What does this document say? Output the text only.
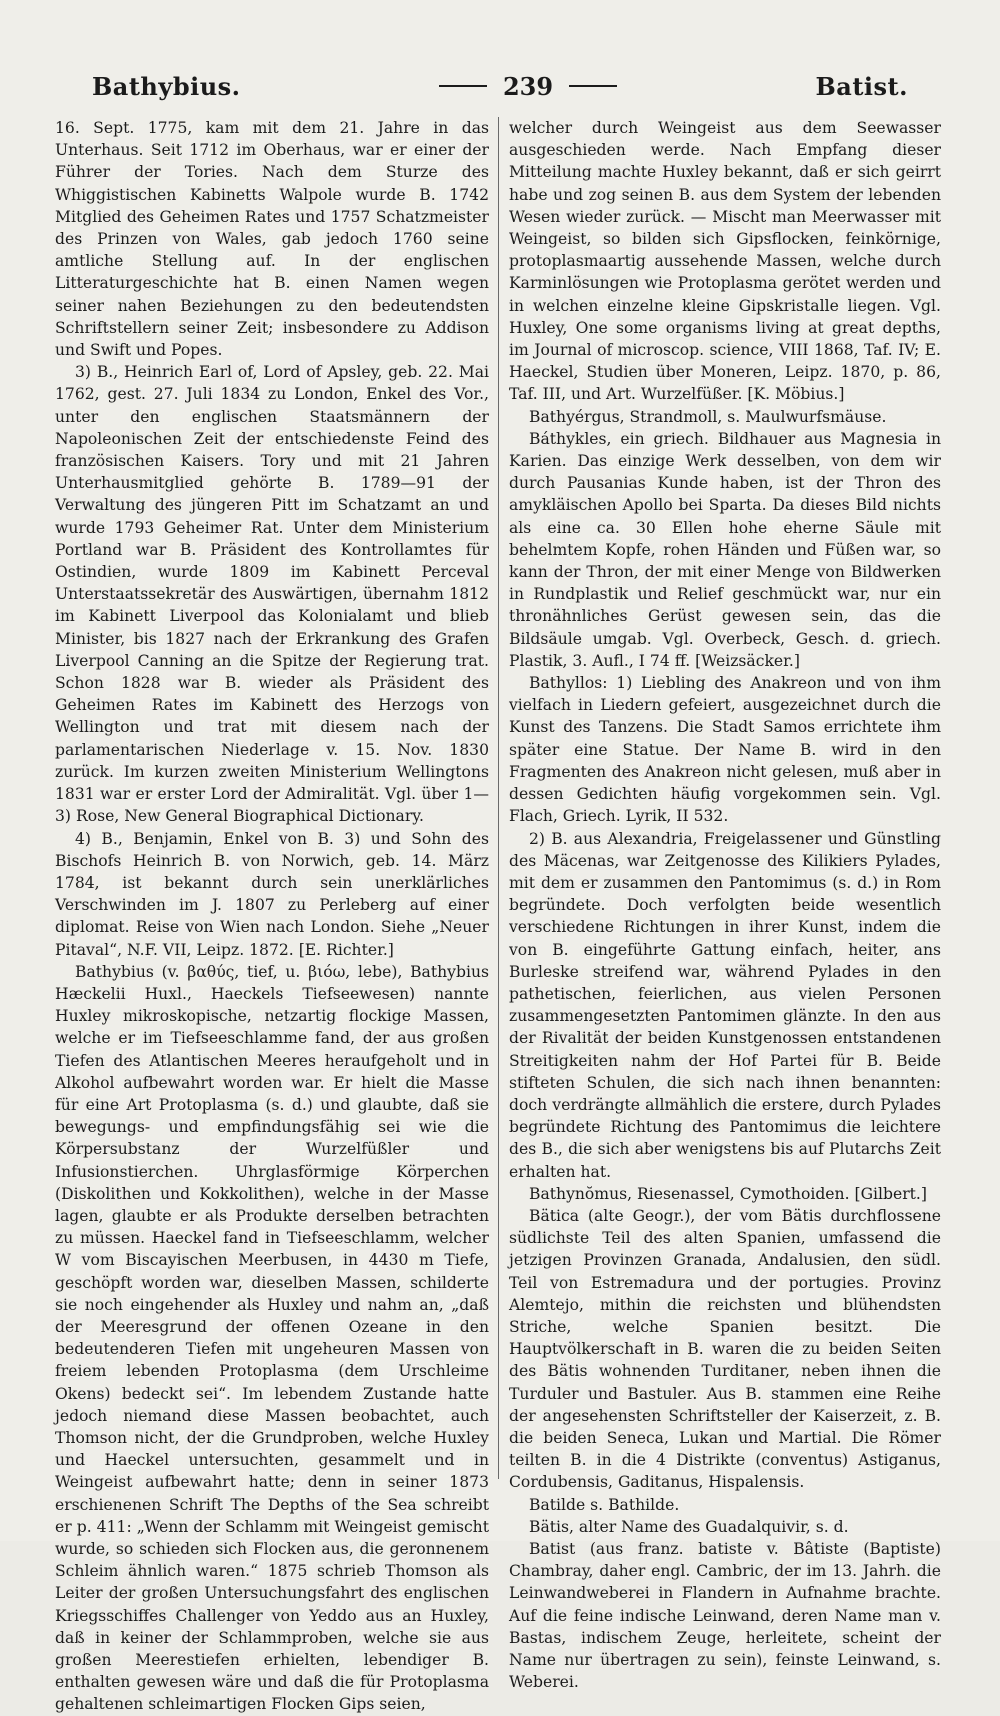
Bathybius.	239	Batist.

16. Sept. 1775, kam mit dem 21. Jahre in das Unterhaus. Seit 1712 im Oberhaus, war er einer der Führer der Tories. Nach dem Sturze des Whiggistischen Kabinetts Walpole wurde B. 1742 Mitglied des Geheimen Rates und 1757 Schatzmeister des Prinzen von Wales, gab jedoch 1760 seine amtliche Stellung auf. In der englischen Litteraturgeschichte hat B. einen Namen wegen seiner nahen Beziehungen zu den bedeutendsten Schriftstellern seiner Zeit; insbesondere zu Addison und Swift und Popes.

3) B., Heinrich Earl of, Lord of Apsley, geb. 22. Mai 1762, gest. 27. Juli 1834 zu London, Enkel des Vor., unter den englischen Staatsmännern der Napoleonischen Zeit der entschiedenste Feind des französischen Kaisers. Tory und mit 21 Jahren Unterhausmitglied gehörte B. 1789—91 der Verwaltung des jüngeren Pitt im Schatzamt an und wurde 1793 Geheimer Rat. Unter dem Ministerium Portland war B. Präsident des Kontrollamtes für Ostindien, wurde 1809 im Kabinett Perceval Unterstaatssekretär des Auswärtigen, übernahm 1812 im Kabinett Liverpool das Kolonialamt und blieb Minister, bis 1827 nach der Erkrankung des Grafen Liverpool Canning an die Spitze der Regierung trat. Schon 1828 war B. wieder als Präsident des Geheimen Rates im Kabinett des Herzogs von Wellington und trat mit diesem nach der parlamentarischen Niederlage v. 15. Nov. 1830 zurück. Im kurzen zweiten Ministerium Wellingtons 1831 war er erster Lord der Admiralität. Vgl. über 1—3) Rose, New General Biographical Dictionary.

4) B., Benjamin, Enkel von B. 3) und Sohn des Bischofs Heinrich B. von Norwich, geb. 14. März 1784, ist bekannt durch sein unerklärliches Verschwinden im J. 1807 zu Perleberg auf einer diplomat. Reise von Wien nach London. Siehe „Neuer Pitaval“, N.F. VII, Leipz. 1872. [E. Richter.]

Bathybius (v. βαθύς, tief, u. βιόω, lebe), Bathybius Hæckelii Huxl., Haeckels Tiefseewesen) nannte Huxley mikroskopische, netzartig flockige Massen, welche er im Tiefseeschlamme fand, der aus großen Tiefen des Atlantischen Meeres heraufgeholt und in Alkohol aufbewahrt worden war. Er hielt die Masse für eine Art Protoplasma (s. d.) und glaubte, daß sie bewegungs- und empfindungsfähig sei wie die Körpersubstanz der Wurzelfüßler und Infusionstierchen. Uhrglasförmige Körperchen (Diskolithen und Kokkolithen), welche in der Masse lagen, glaubte er als Produkte derselben betrachten zu müssen. Haeckel fand in Tiefseeschlamm, welcher W vom Biscayischen Meerbusen, in 4430 m Tiefe, geschöpft worden war, dieselben Massen, schilderte sie noch eingehender als Huxley und nahm an, „daß der Meeresgrund der offenen Ozeane in den bedeutenderen Tiefen mit ungeheuren Massen von freiem lebenden Protoplasma (dem Urschleime Okens) bedeckt sei“. Im lebendem Zustande hatte jedoch niemand diese Massen beobachtet, auch Thomson nicht, der die Grundproben, welche Huxley und Haeckel untersuchten, gesammelt und in Weingeist aufbewahrt hatte; denn in seiner 1873 erschienenen Schrift The Depths of the Sea schreibt er p. 411: „Wenn der Schlamm mit Weingeist gemischt wurde, so schieden sich Flocken aus, die geronnenem Schleim ähnlich waren.“ 1875 schrieb Thomson als Leiter der großen Untersuchungsfahrt des englischen Kriegsschiffes Challenger von Yeddo aus an Huxley, daß in keiner der Schlammproben, welche sie aus großen Meerestiefen erhielten, lebendiger B. enthalten gewesen wäre und daß die für Protoplasma gehaltenen schleimartigen Flocken Gips seien,

welcher durch Weingeist aus dem Seewasser ausgeschieden werde. Nach Empfang dieser Mitteilung machte Huxley bekannt, daß er sich geirrt habe und zog seinen B. aus dem System der lebenden Wesen wieder zurück. — Mischt man Meerwasser mit Weingeist, so bilden sich Gipsflocken, feinkörnige, protoplasmaartig aussehende Massen, welche durch Karminlösungen wie Protoplasma gerötet werden und in welchen einzelne kleine Gipskristalle liegen. Vgl. Huxley, One some organisms living at great depths, im Journal of microscop. science, VIII 1868, Taf. IV; E. Haeckel, Studien über Moneren, Leipz. 1870, p. 86, Taf. III, und Art. Wurzelfüßer. [K. Möbius.]

Bathyérgus, Strandmoll, s. Maulwurfsmäuse.

Báthykles, ein griech. Bildhauer aus Magnesia in Karien. Das einzige Werk desselben, von dem wir durch Pausanias Kunde haben, ist der Thron des amykläischen Apollo bei Sparta. Da dieses Bild nichts als eine ca. 30 Ellen hohe eherne Säule mit behelmtem Kopfe, rohen Händen und Füßen war, so kann der Thron, der mit einer Menge von Bildwerken in Rundplastik und Relief geschmückt war, nur ein thronähnliches Gerüst gewesen sein, das die Bildsäule umgab. Vgl. Overbeck, Gesch. d. griech. Plastik, 3. Aufl., I 74 ff. [Weizsäcker.]

Bathyllos: 1) Liebling des Anakreon und von ihm vielfach in Liedern gefeiert, ausgezeichnet durch die Kunst des Tanzens. Die Stadt Samos errichtete ihm später eine Statue. Der Name B. wird in den Fragmenten des Anakreon nicht gelesen, muß aber in dessen Gedichten häufig vorgekommen sein. Vgl. Flach, Griech. Lyrik, II 532.

2) B. aus Alexandria, Freigelassener und Günstling des Mäcenas, war Zeitgenosse des Kilikiers Pylades, mit dem er zusammen den Pantomimus (s. d.) in Rom begründete. Doch verfolgten beide wesentlich verschiedene Richtungen in ihrer Kunst, indem die von B. eingeführte Gattung einfach, heiter, ans Burleske streifend war, während Pylades in den pathetischen, feierlichen, aus vielen Personen zusammengesetzten Pantomimen glänzte. In den aus der Rivalität der beiden Kunstgenossen entstandenen Streitigkeiten nahm der Hof Partei für B. Beide stifteten Schulen, die sich nach ihnen benannten: doch verdrängte allmählich die erstere, durch Pylades begründete Richtung des Pantomimus die leichtere des B., die sich aber wenigstens bis auf Plutarchs Zeit erhalten hat.

Bathynŏmus, Riesenassel, Cymothoiden. [Gilbert.]

Bätica (alte Geogr.), der vom Bätis durchflossene südlichste Teil des alten Spanien, umfassend die jetzigen Provinzen Granada, Andalusien, den südl. Teil von Estremadura und der portugies. Provinz Alemtejo, mithin die reichsten und blühendsten Striche, welche Spanien besitzt. Die Hauptvölkerschaft in B. waren die zu beiden Seiten des Bätis wohnenden Turditaner, neben ihnen die Turduler und Bastuler. Aus B. stammen eine Reihe der angesehensten Schriftsteller der Kaiserzeit, z. B. die beiden Seneca, Lukan und Martial. Die Römer teilten B. in die 4 Distrikte (conventus) Astiganus, Cordubensis, Gaditanus, Hispalensis.

Batilde s. Bathilde.

Bätis, alter Name des Guadalquivir, s. d.

Batist (aus franz. batiste v. Bâtiste (Baptiste) Chambray, daher engl. Cambric, der im 13. Jahrh. die Leinwandweberei in Flandern in Aufnahme brachte. Auf die feine indische Leinwand, deren Name man v. Bastas, indischem Zeuge, herleitete, scheint der Name nur übertragen zu sein), feinste Leinwand, s. Weberei.
